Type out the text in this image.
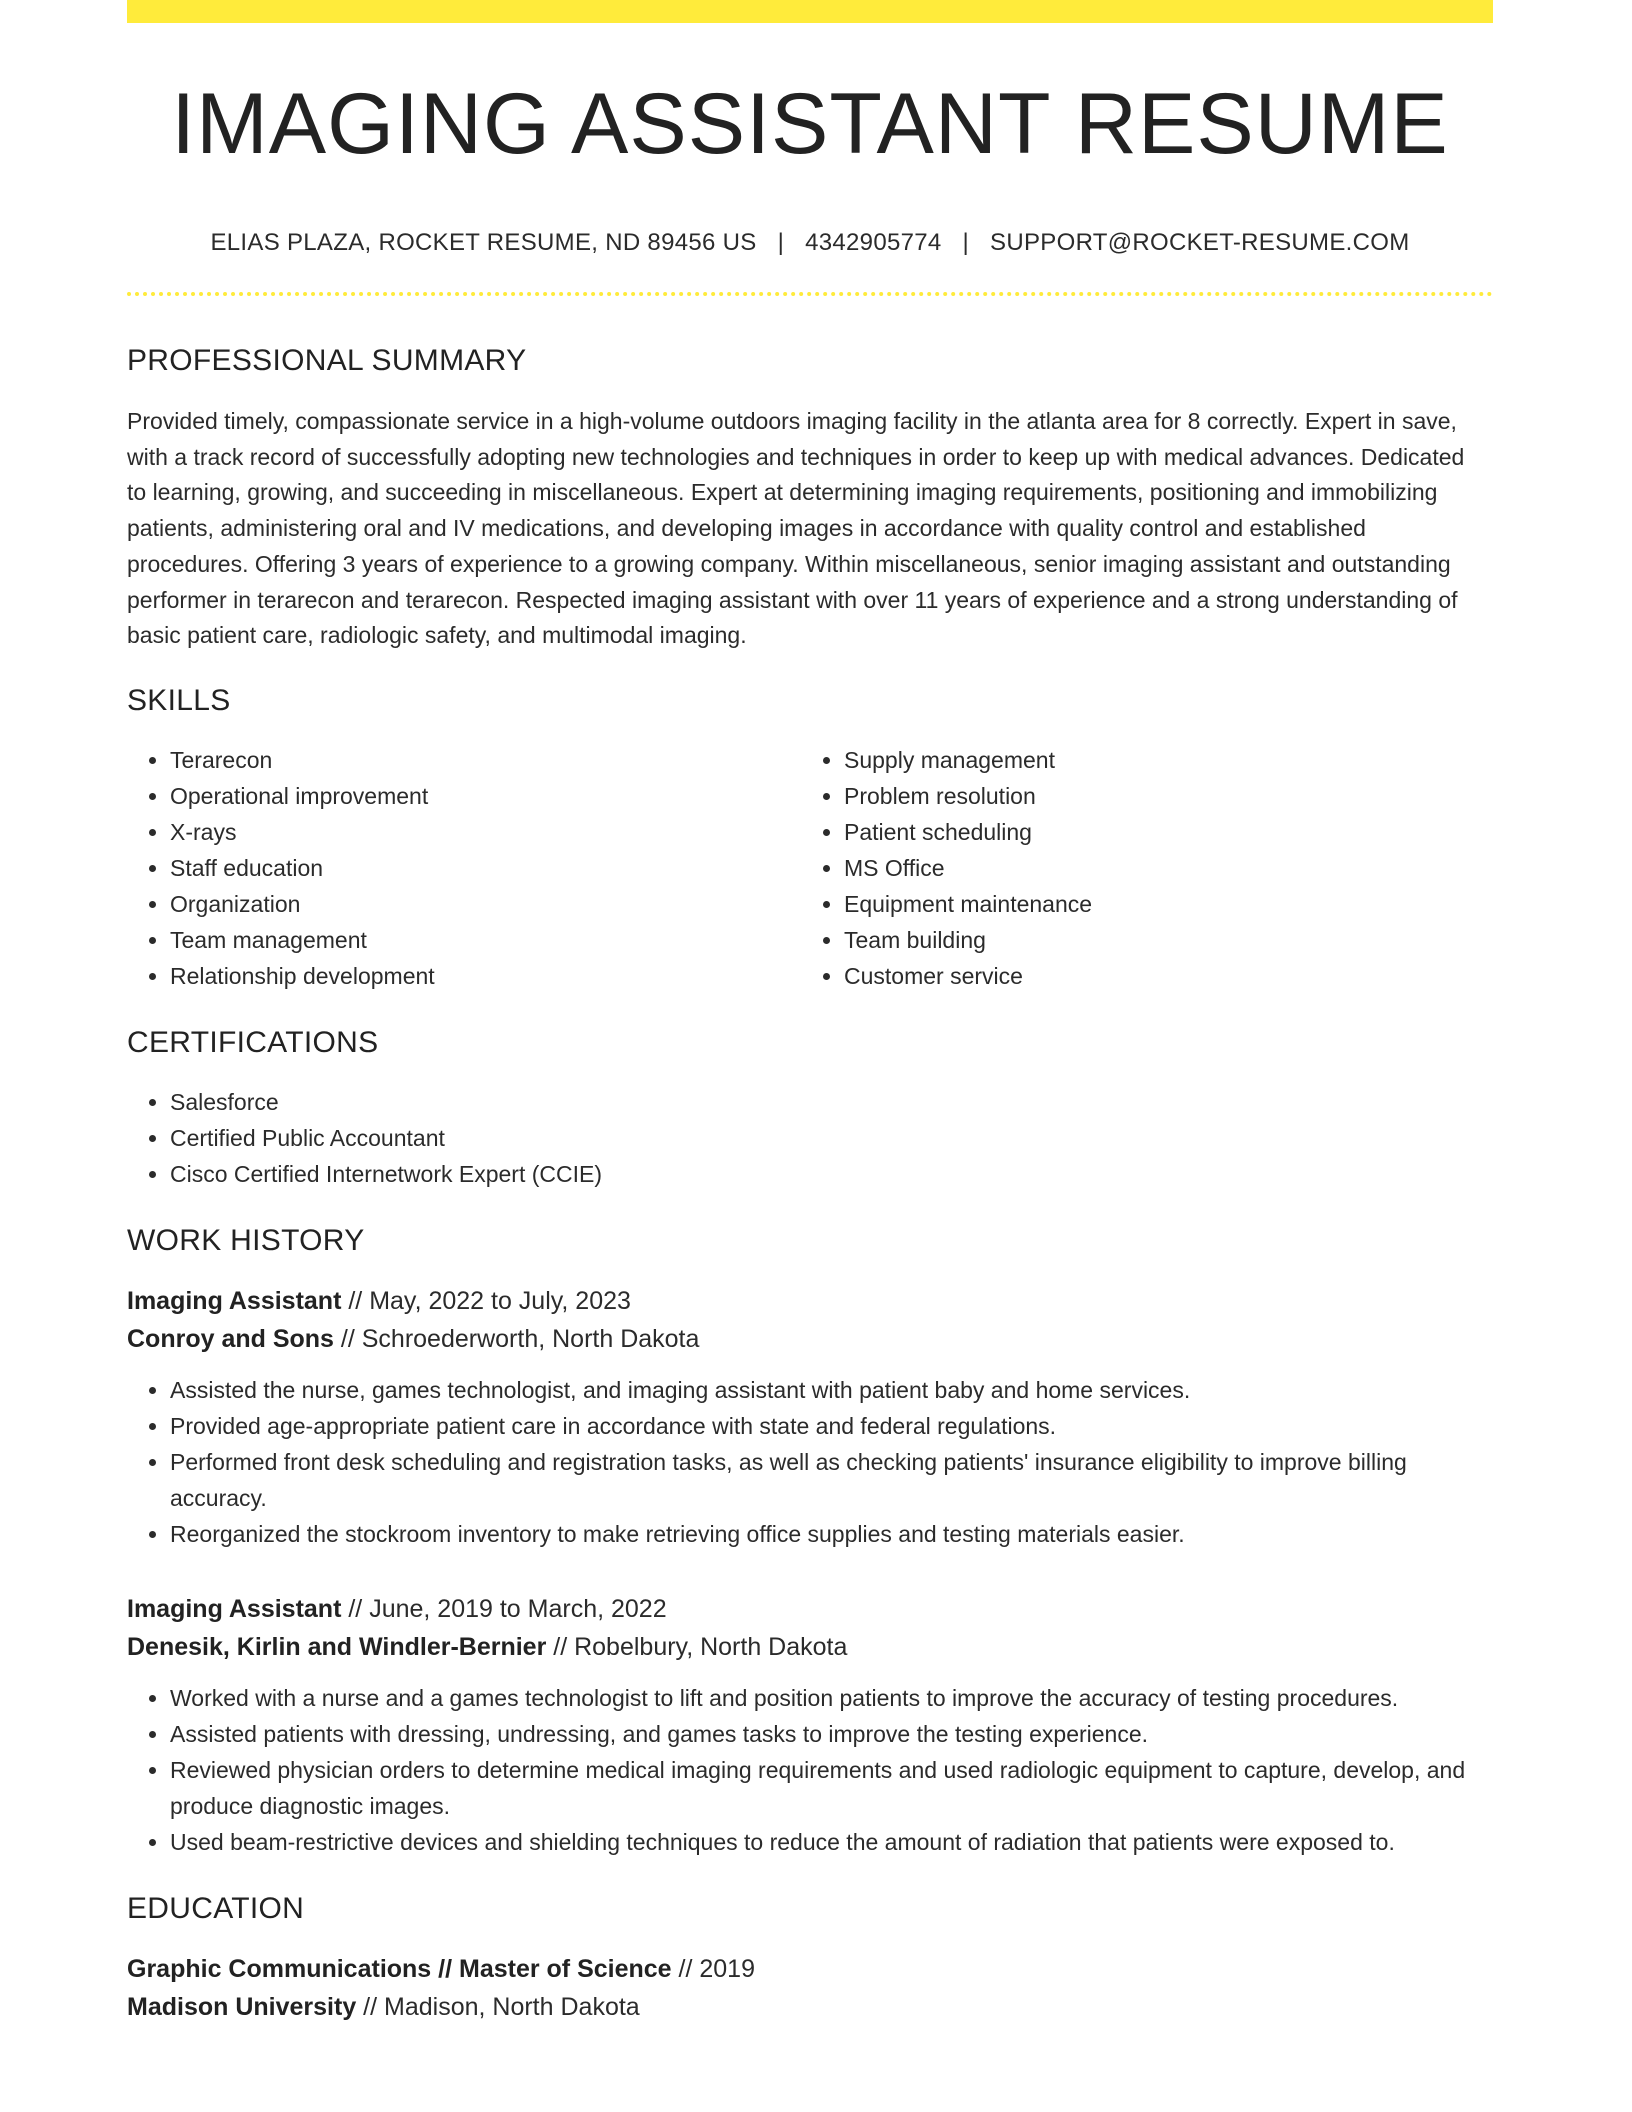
IMAGING ASSISTANT RESUME
ELIAS PLAZA, ROCKET RESUME, ND 89456 US | 4342905774 | SUPPORT@ROCKET-RESUME.COM
PROFESSIONAL SUMMARY
Provided timely, compassionate service in a high-volume outdoors imaging facility in the atlanta area for 8 correctly. Expert in save, with a track record of successfully adopting new technologies and techniques in order to keep up with medical advances. Dedicated to learning, growing, and succeeding in miscellaneous. Expert at determining imaging requirements, positioning and immobilizing patients, administering oral and IV medications, and developing images in accordance with quality control and established procedures. Offering 3 years of experience to a growing company. Within miscellaneous, senior imaging assistant and outstanding performer in terarecon and terarecon. Respected imaging assistant with over 11 years of experience and a strong understanding of basic patient care, radiologic safety, and multimodal imaging.
SKILLS
• Terarecon
• Operational improvement
• X-rays
• Staff education
• Organization
• Team management
• Relationship development
• Supply management
• Problem resolution
• Patient scheduling
• MS Office
• Equipment maintenance
• Team building
• Customer service
CERTIFICATIONS
• Salesforce
• Certified Public Accountant
• Cisco Certified Internetwork Expert (CCIE)
WORK HISTORY
Imaging Assistant // May, 2022 to July, 2023
Conroy and Sons // Schroederworth, North Dakota
• Assisted the nurse, games technologist, and imaging assistant with patient baby and home services.
• Provided age-appropriate patient care in accordance with state and federal regulations.
• Performed front desk scheduling and registration tasks, as well as checking patients' insurance eligibility to improve billing accuracy.
• Reorganized the stockroom inventory to make retrieving office supplies and testing materials easier.
Imaging Assistant // June, 2019 to March, 2022
Denesik, Kirlin and Windler-Bernier // Robelbury, North Dakota
• Worked with a nurse and a games technologist to lift and position patients to improve the accuracy of testing procedures.
• Assisted patients with dressing, undressing, and games tasks to improve the testing experience.
• Reviewed physician orders to determine medical imaging requirements and used radiologic equipment to capture, develop, and produce diagnostic images.
• Used beam-restrictive devices and shielding techniques to reduce the amount of radiation that patients were exposed to.
EDUCATION
Graphic Communications // Master of Science // 2019
Madison University // Madison, North Dakota
